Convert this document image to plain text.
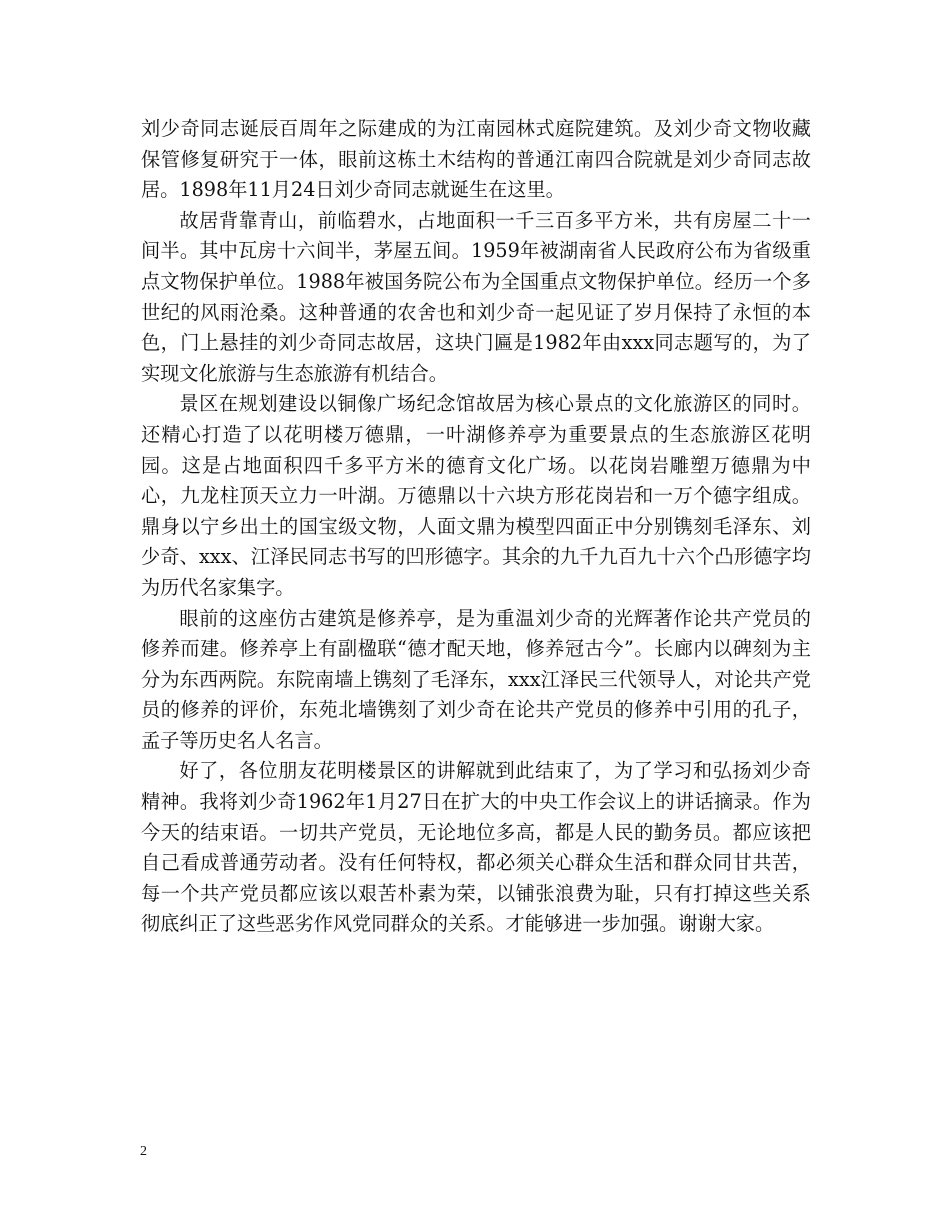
刘少奇同志诞辰百周年之际建成的为江南园林式庭院建筑。及刘少奇文物收藏保管修复研究于一体，眼前这栋土木结构的普通江南四合院就是刘少奇同志故居。1898年11月24日刘少奇同志就诞生在这里。

故居背靠青山，前临碧水，占地面积一千三百多平方米，共有房屋二十一间半。其中瓦房十六间半，茅屋五间。1959年被湖南省人民政府公布为省级重点文物保护单位。1988年被国务院公布为全国重点文物保护单位。经历一个多世纪的风雨沧桑。这种普通的农舍也和刘少奇一起见证了岁月保持了永恒的本色，门上悬挂的刘少奇同志故居，这块门匾是1982年由xxx同志题写的，为了实现文化旅游与生态旅游有机结合。

景区在规划建设以铜像广场纪念馆故居为核心景点的文化旅游区的同时。还精心打造了以花明楼万德鼎，一叶湖修养亭为重要景点的生态旅游区花明园。这是占地面积四千多平方米的德育文化广场。以花岗岩雕塑万德鼎为中心，九龙柱顶天立力一叶湖。万德鼎以十六块方形花岗岩和一万个德字组成。鼎身以宁乡出土的国宝级文物，人面文鼎为模型四面正中分别镌刻毛泽东、刘少奇、xxx、江泽民同志书写的凹形德字。其余的九千九百九十六个凸形德字均为历代名家集字。

眼前的这座仿古建筑是修养亭，是为重温刘少奇的光辉著作论共产党员的修养而建。修养亭上有副楹联“德才配天地，修养冠古今”。长廊内以碑刻为主分为东西两院。东院南墙上镌刻了毛泽东，xxx江泽民三代领导人，对论共产党员的修养的评价，东苑北墙镌刻了刘少奇在论共产党员的修养中引用的孔子，孟子等历史名人名言。

好了，各位朋友花明楼景区的讲解就到此结束了，为了学习和弘扬刘少奇精神。我将刘少奇1962年1月27日在扩大的中央工作会议上的讲话摘录。作为今天的结束语。一切共产党员，无论地位多高，都是人民的勤务员。都应该把自己看成普通劳动者。没有任何特权，都必须关心群众生活和群众同甘共苦，每一个共产党员都应该以艰苦朴素为荣，以铺张浪费为耻，只有打掉这些关系彻底纠正了这些恶劣作风党同群众的关系。才能够进一步加强。谢谢大家。

2
